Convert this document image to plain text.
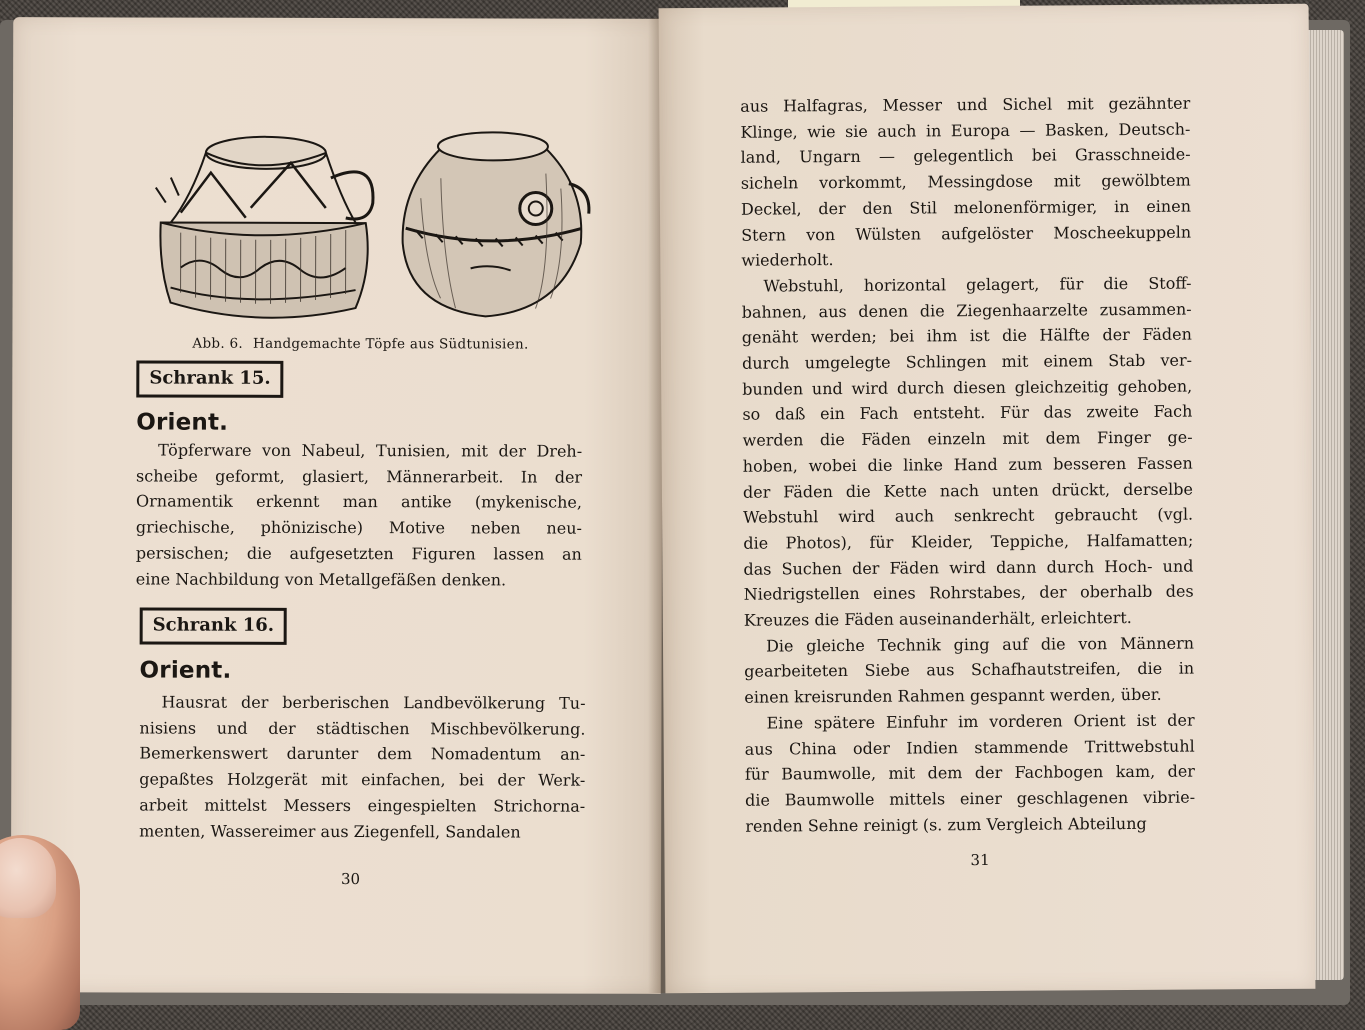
Abb. 6. Handgemachte Töpfe aus Südtunisien.
Schrank 15.
Orient.

Töpferware von Nabeul, Tunisien, mit der Dreh-
scheibe geformt, glasiert, Männerarbeit. In der
Ornamentik erkennt man antike (mykenische,
griechische, phönizische) Motive neben neu-
persischen; die aufgesetzten Figuren lassen an
eine Nachbildung von Metallgefäßen denken.

Schrank 16.
Orient.

Hausrat der berberischen Landbevölkerung Tu-
nisiens und der städtischen Mischbevölkerung.
Bemerkenswert darunter dem Nomadentum an-
gepaßtes Holzgerät mit einfachen, bei der Werk-
arbeit mittelst Messers eingespielten Strichorna-
menten, Wassereimer aus Ziegenfell, Sandalen

30

aus Halfagras, Messer und Sichel mit gezähnter
Klinge, wie sie auch in Europa — Basken, Deutsch-
land, Ungarn — gelegentlich bei Grasschneide-
sicheln vorkommt, Messingdose mit gewölbtem
Deckel, der den Stil melonenförmiger, in einen
Stern von Wülsten aufgelöster Moscheekuppeln
wiederholt.

Webstuhl, horizontal gelagert, für die Stoff-
bahnen, aus denen die Ziegenhaarzelte zusammen-
genäht werden; bei ihm ist die Hälfte der Fäden
durch umgelegte Schlingen mit einem Stab ver-
bunden und wird durch diesen gleichzeitig gehoben,
so daß ein Fach entsteht. Für das zweite Fach
werden die Fäden einzeln mit dem Finger ge-
hoben, wobei die linke Hand zum besseren Fassen
der Fäden die Kette nach unten drückt, derselbe
Webstuhl wird auch senkrecht gebraucht (vgl.
die Photos), für Kleider, Teppiche, Halfamatten;
das Suchen der Fäden wird dann durch Hoch- und
Niedrigstellen eines Rohrstabes, der oberhalb des
Kreuzes die Fäden auseinanderhält, erleichtert.

Die gleiche Technik ging auf die von Männern
gearbeiteten Siebe aus Schafhautstreifen, die in
einen kreisrunden Rahmen gespannt werden, über.

Eine spätere Einfuhr im vorderen Orient ist der
aus China oder Indien stammende Trittwebstuhl
für Baumwolle, mit dem der Fachbogen kam, der
die Baumwolle mittels einer geschlagenen vibrie-
renden Sehne reinigt (s. zum Vergleich Abteilung

31
